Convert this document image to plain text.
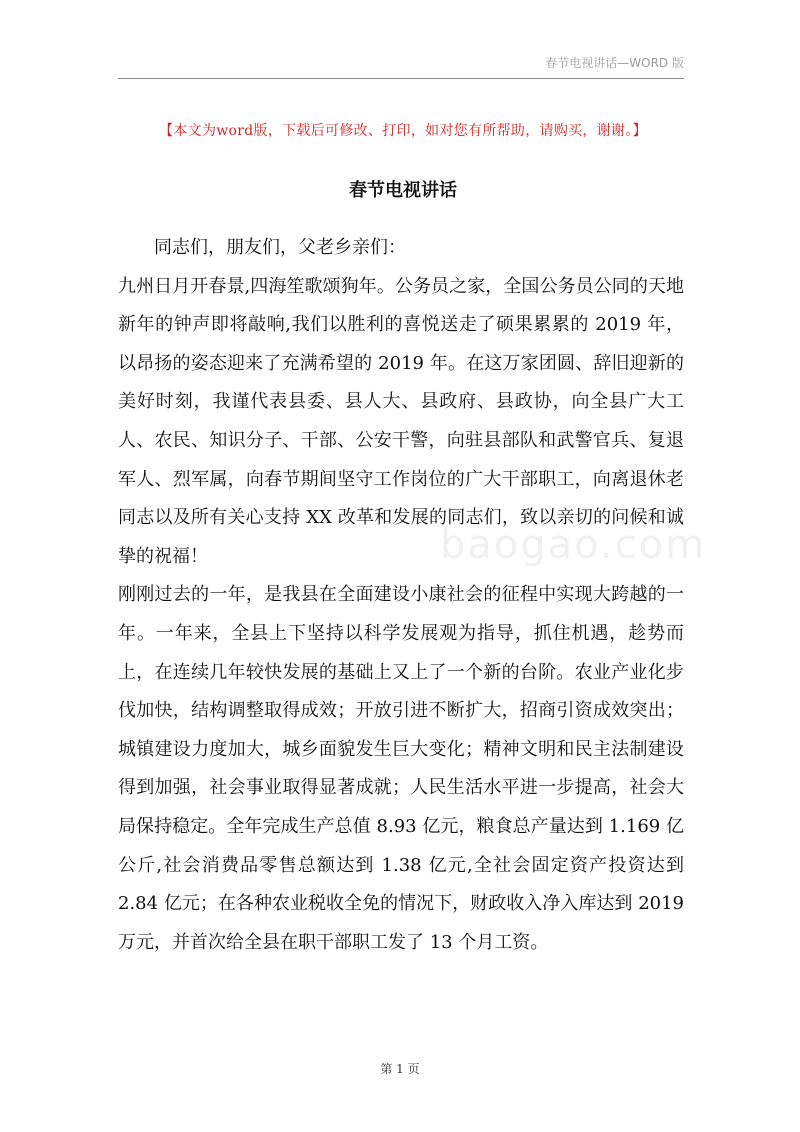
春节电视讲话—WORD 版
【本文为word版，下载后可修改、打印，如对您有所帮助，请购买，谢谢。】
春节电视讲话
baogao.com

同志们，朋友们，父老乡亲们：

九州日月开春景,四海笙歌颂狗年。公务员之家，全国公务员公同的天地新年的钟声即将敲响,我们以胜利的喜悦送走了硕果累累的 2019 年，以昂扬的姿态迎来了充满希望的 2019 年。在这万家团圆、辞旧迎新的美好时刻，我谨代表县委、县人大、县政府、县政协，向全县广大工人、农民、知识分子、干部、公安干警，向驻县部队和武警官兵、复退军人、烈军属，向春节期间坚守工作岗位的广大干部职工，向离退休老同志以及所有关心支持 XX 改革和发展的同志们，致以亲切的问候和诚挚的祝福！

刚刚过去的一年，是我县在全面建设小康社会的征程中实现大跨越的一年。一年来，全县上下坚持以科学发展观为指导，抓住机遇，趁势而上，在连续几年较快发展的基础上又上了一个新的台阶。农业产业化步伐加快，结构调整取得成效；开放引进不断扩大，招商引资成效突出；城镇建设力度加大，城乡面貌发生巨大变化；精神文明和民主法制建设得到加强，社会事业取得显著成就；人民生活水平进一步提高，社会大局保持稳定。全年完成生产总值 8.93 亿元，粮食总产量达到 1.169 亿公斤,社会消费品零售总额达到 1.38 亿元,全社会固定资产投资达到 2.84 亿元；在各种农业税收全免的情况下，财政收入净入库达到 2019 万元，并首次给全县在职干部职工发了 13 个月工资。

第 1 页
